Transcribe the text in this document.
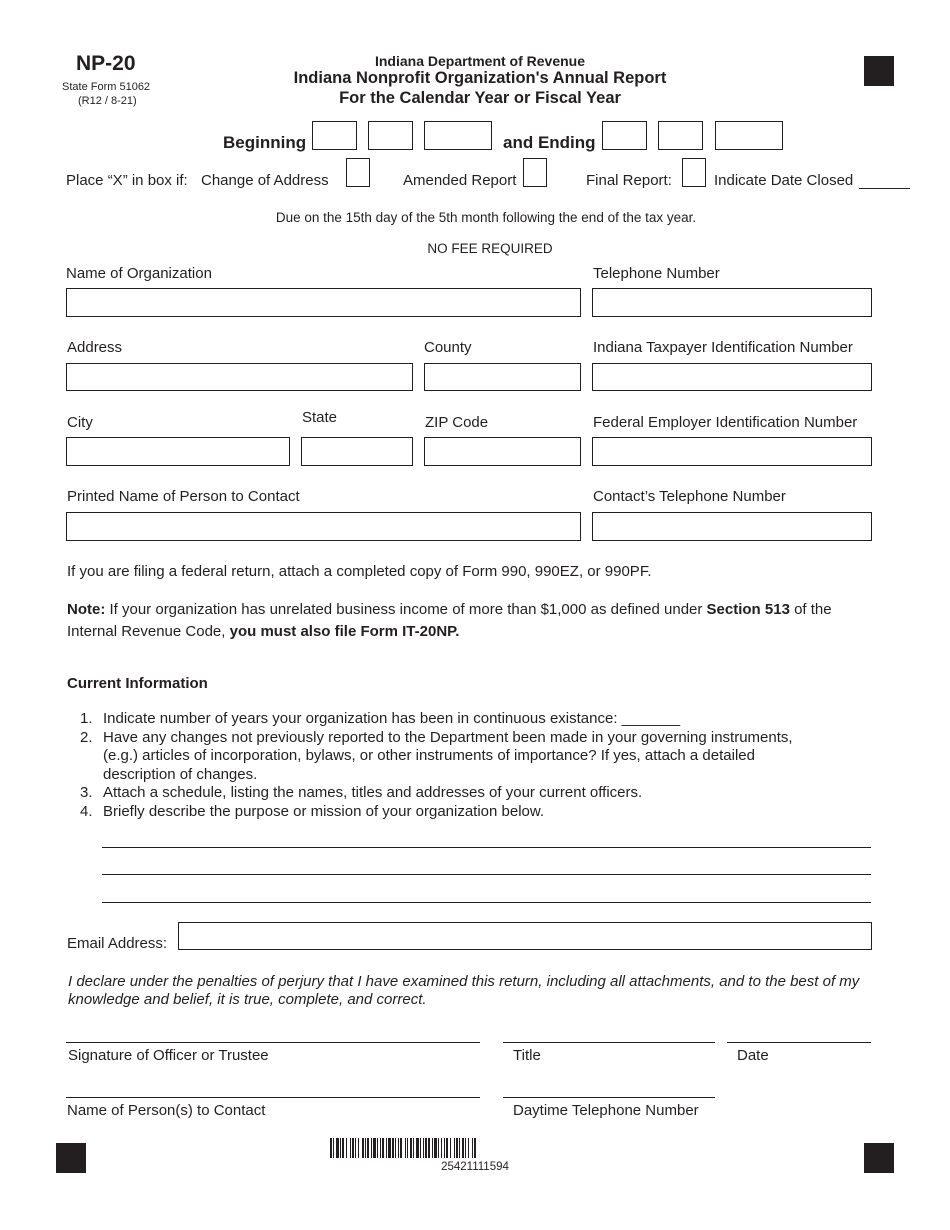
NP-20
State Form 51062
(R12 / 8-21)
Indiana Department of Revenue
Indiana Nonprofit Organization's Annual Report
For the Calendar Year or Fiscal Year
Beginning	and Ending
Place “X” in box if: Change of Address	Amended Report	Final Report:	Indicate Date Closed
Due on the 15th day of the 5th month following the end of the tax year.
NO FEE REQUIRED
Name of Organization	Telephone Number
Address	County	Indiana Taxpayer Identification Number
City	State	ZIP Code	Federal Employer Identification Number
Printed Name of Person to Contact	Contact’s Telephone Number
If you are filing a federal return, attach a completed copy of Form 990, 990EZ, or 990PF.
Note: If your organization has unrelated business income of more than $1,000 as defined under Section 513 of the
Internal Revenue Code, you must also file Form IT-20NP.
Current Information
1. Indicate number of years your organization has been in continuous existance: _______
2. Have any changes not previously reported to the Department been made in your governing instruments,
(e.g.) articles of incorporation, bylaws, or other instruments of importance? If yes, attach a detailed
description of changes.
3. Attach a schedule, listing the names, titles and addresses of your current officers.
4. Briefly describe the purpose or mission of your organization below.
Email Address:
I declare under the penalties of perjury that I have examined this return, including all attachments, and to the best of my knowledge and belief, it is true, complete, and correct.
Signature of Officer or Trustee	Title	Date
Name of Person(s) to Contact	Daytime Telephone Number
25421111594
